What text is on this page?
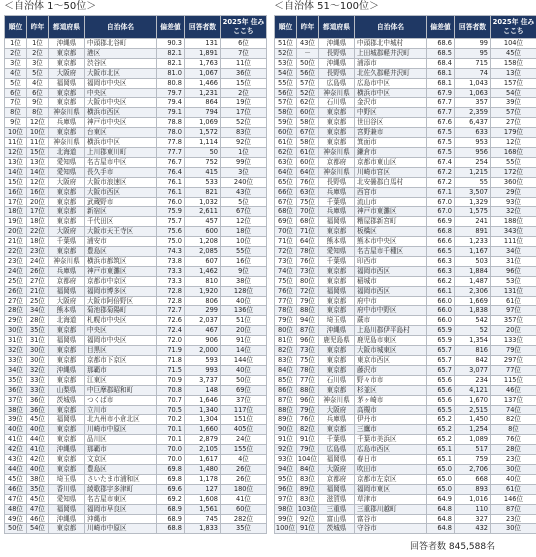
＜自治体 1～50位＞
順位	昨年	都道府県	自治体名	偏差値	回答者数	2025年 住みここち
1位	1位	沖縄県	中頭郡北谷町	90.3	131	6位
2位	2位	東京都	港区	82.1	1,891	7位
3位	3位	東京都	渋谷区	82.1	1,763	11位
4位	5位	大阪府	大阪市北区	81.0	1,067	36位
5位	4位	福岡県	福岡市中央区	80.8	1,466	15位
6位	6位	東京都	中央区	79.7	1,231	2位
7位	9位	東京都	大阪市中央区	79.4	864	19位
8位	8位	神奈川県	横浜市西区	79.1	794	17位
9位	12位	兵庫県	神戸市中央区	78.8	1,069	52位
10位	10位	東京都	台東区	78.0	1,572	83位
11位	11位	神奈川県	横浜市中区	77.8	1,114	92位
12位	15位	北海道	上川郡東川町	77.7	50	1位
13位	13位	愛知県	名古屋市中区	76.7	752	99位
14位	14位	愛知県	長久手市	76.4	415	3位
15位	12位	大阪府	大阪市浪速区	76.1	533	240位
16位	16位	東京都	大阪市西区	76.1	821	43位
17位	20位	東京都	武蔵野市	76.0	1,032	5位
18位	17位	東京都	新宿区	75.9	2,611	67位
19位	18位	東京都	千代田区	75.7	457	12位
20位	22位	大阪府	大阪市天王寺区	75.6	600	18位
21位	18位	千葉県	浦安市	75.0	1,208	10位
22位	23位	東京都	豊島区	74.3	2,085	55位
23位	24位	神奈川県	横浜市都筑区	73.8	607	16位
24位	26位	兵庫県	神戸市東灘区	73.3	1,462	9位
25位	27位	京都府	京都市中京区	73.3	810	38位
26位	21位	福岡県	福岡市博多区	72.8	1,920	128位
27位	25位	大阪府	大阪市阿倍野区	72.8	806	40位
28位	34位	熊本県	菊池郡菊陽町	72.7	299	136位
29位	28位	北海道	札幌市中央区	72.6	2,037	51位
30位	35位	東京都	中央区	72.4	467	20位
31位	31位	福岡県	福岡市中央区	72.0	906	91位
32位	30位	東京都	目黒区	71.9	2,000	14位
33位	30位	東京都	京都市下京区	71.8	593	144位
34位	32位	沖縄県	那覇市	71.5	993	40位
35位	33位	東京都	江東区	70.9	3,737	50位
36位	33位	山梨県	中巨摩郡昭和町	70.8	148	69位
37位	36位	茨城県	つくば市	70.7	1,646	37位
38位	36位	東京都	立川市	70.5	1,340	117位
39位	45位	福岡県	北九州市小倉北区	70.2	1,304	151位
40位	40位	東京都	川崎市中原区	70.1	1,660	405位
41位	44位	東京都	品川区	70.1	2,879	24位
42位	41位	沖縄県	那覇市	70.0	2,105	155位
43位	42位	東京都	文京区	70.0	1,617	4位
44位	40位	東京都	豊島区	69.8	1,480	26位
45位	38位	埼玉県	さいたま市浦和区	69.8	1,178	26位
46位	35位	香川県	綾歌郡宇多津町	69.6	127	180位
47位	45位	愛知県	名古屋市東区	69.2	1,608	41位
48位	47位	福岡県	福岡市早良区	68.9	1,561	60位
49位	46位	沖縄県	沖縄市	68.9	745	282位
50位	54位	東京都	川崎市中原区	68.8	1,833	35位
＜自治体 51～100位＞
順位	昨年	都道府県	自治体名	偏差値	回答者数	2025年 住みここち
51位	43位	沖縄県	中頭郡北中城村	68.6	99	104位
52位	－	長野県	上田城郡軽井沢町	68.5	95	45位
53位	50位	沖縄県	浦添市	68.4	715	158位
54位	56位	長野県	北佐久郡軽井沢町	68.1	74	13位
55位	57位	広島県	広島市中区	68.1	1,043	157位
56位	52位	神奈川県	横浜市中区	67.9	1,063	54位
57位	62位	石川県	金沢市	67.7	357	39位
58位	60位	東京都	中野区	67.7	2,359	57位
59位	58位	東京都	世田谷区	67.6	6,437	27位
60位	67位	東京都	宮野兼市	67.5	633	179位
61位	58位	東京都	箕面市	67.5	953	12位
62位	61位	神奈川県	鎌倉市	67.5	956	168位
63位	60位	京都府	京都市東山区	67.4	254	55位
64位	64位	神奈川県	川崎市宮区	67.2	1,215	172位
65位	76位	長野県	北安曇郡白馬村	67.2	55	360位
66位	63位	兵庫県	西宮市	67.1	3,507	29位
67位	75位	千葉県	流山市	67.0	1,329	93位
68位	70位	兵庫県	神戸市東灘区	67.0	1,575	32位
69位	68位	福岡県	糟屋郡新宮町	66.9	241	188位
70位	71位	東京都	板橋区	66.8	891	343位
71位	64位	熊本県	熊本市中央区	66.6	1,233	111位
72位	78位	愛知県	名古屋市千種区	66.5	1,167	34位
73位	76位	千葉県	印西市	66.3	503	31位
74位	73位	東京都	福岡市西区	66.3	1,884	96位
75位	80位	東京都	稲城市	66.2	1,487	53位
76位	72位	福岡県	福岡市西区	66.1	2,306	131位
77位	79位	東京都	府中市	66.0	1,669	61位
78位	88位	東京都	府中市中野区	66.0	1,838	97位
79位	94位	埼玉県	蕨市	66.0	542	357位
80位	87位	沖縄県	上島川郡伊平島村	65.9	52	20位
81位	96位	鹿児島県	鹿児島市東区	65.9	1,354	133位
82位	73位	東京都	大阪市城東区	65.7	816	79位
83位	75位	東京都	東京市西区	65.7	842	297位
84位	78位	東京都	藤沢市	65.7	3,077	77位
85位	77位	石川県	野々市市	65.6	234	115位
86位	88位	東京都	杉並区	65.6	4,121	46位
87位	96位	神奈川県	茅ヶ崎市	65.6	1,670	137位
88位	79位	大阪府	高槻市	65.5	2,515	74位
89位	76位	兵庫県	伊丹市	65.2	1,450	82位
90位	82位	東京都	三鷹市	65.2	1,254	8位
91位	91位	千葉県	千葉市美浜区	65.2	1,089	76位
92位	79位	広島県	広島市西区	65.1	517	28位
93位	104位	福岡県	春日市	65.1	759	23位
94位	84位	大阪府	吹田市	65.0	2,706	30位
95位	83位	京都府	京都市左京区	65.0	668	40位
96位	89位	福岡県	福岡市東区	65.0	893	61位
97位	83位	滋賀県	草津市	64.9	1,016	146位
98位	103位	三重県	三重郡川越町	64.8	110	87位
99位	92位	富山県	富谷市	64.8	327	23位
100位	91位	茨城県	守谷市	64.8	432	30位
回答者数 845,588名
